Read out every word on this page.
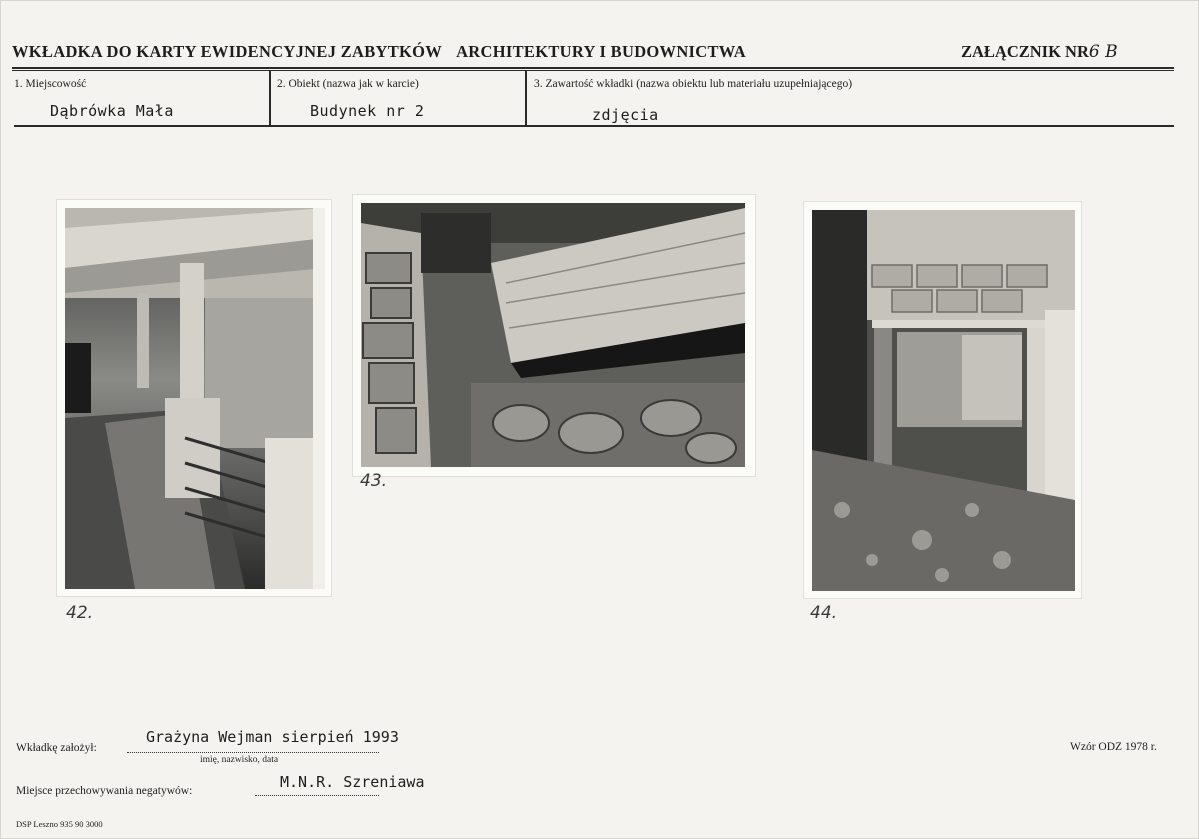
WKŁADKA DO KARTY EWIDENCYJNEJ ZABYTKÓW ARCHITEKTURY I BUDOWNICTWA	ZAŁĄCZNIK NR6 B
1. Miejscowość
Dąbrówka Mała
2. Obiekt (nazwa jak w karcie)
Budynek nr 2
3. Zawartość wkładki (nazwa obiektu lub materiału uzupełniającego)
zdjęcia
42.
43.
44.
Wkładkę założył:
Grażyna Wejman sierpień 1993
imię, nazwisko, data
Miejsce przechowywania negatywów:	M.N.R. Szreniawa
Wzór ODZ 1978 r.
DSP Leszno 935 90 3000
